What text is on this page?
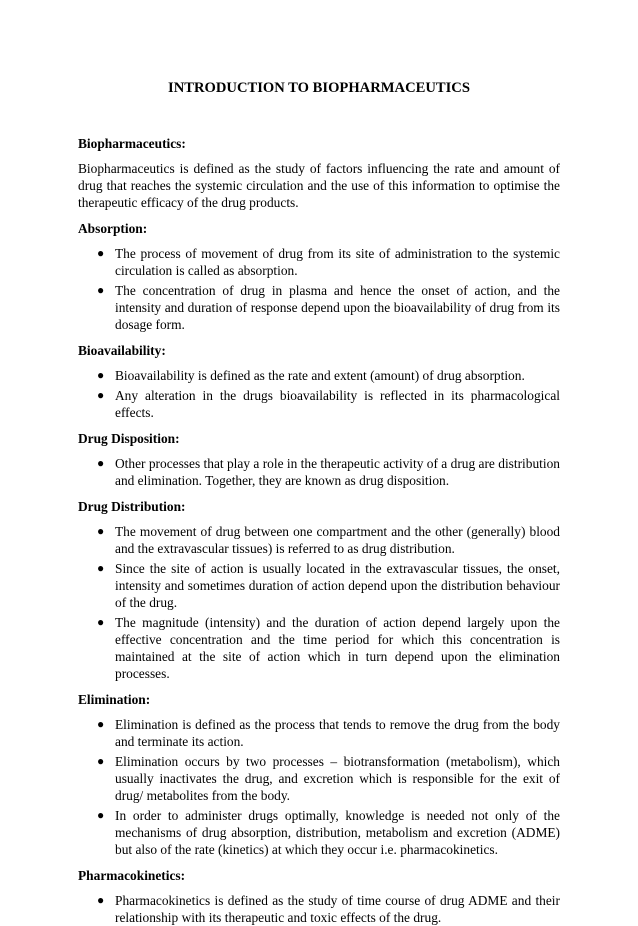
INTRODUCTION TO BIOPHARMACEUTICS

Biopharmaceutics:

Biopharmaceutics is defined as the study of factors influencing the rate and amount of drug that reaches the systemic circulation and the use of this information to optimise the therapeutic efficacy of the drug products.

Absorption:

● The process of movement of drug from its site of administration to the systemic circulation is called as absorption.
● The concentration of drug in plasma and hence the onset of action, and the intensity and duration of response depend upon the bioavailability of drug from its dosage form.

Bioavailability:

● Bioavailability is defined as the rate and extent (amount) of drug absorption.
● Any alteration in the drugs bioavailability is reflected in its pharmacological effects.

Drug Disposition:

● Other processes that play a role in the therapeutic activity of a drug are distribution and elimination. Together, they are known as drug disposition.

Drug Distribution:

● The movement of drug between one compartment and the other (generally) blood and the extravascular tissues) is referred to as drug distribution.
● Since the site of action is usually located in the extravascular tissues, the onset, intensity and sometimes duration of action depend upon the distribution behaviour of the drug.
● The magnitude (intensity) and the duration of action depend largely upon the effective concentration and the time period for which this concentration is maintained at the site of action which in turn depend upon the elimination processes.

Elimination:

● Elimination is defined as the process that tends to remove the drug from the body and terminate its action.
● Elimination occurs by two processes – biotransformation (metabolism), which usually inactivates the drug, and excretion which is responsible for the exit of drug/ metabolites from the body.
● In order to administer drugs optimally, knowledge is needed not only of the mechanisms of drug absorption, distribution, metabolism and excretion (ADME) but also of the rate (kinetics) at which they occur i.e. pharmacokinetics.

Pharmacokinetics:

● Pharmacokinetics is defined as the study of time course of drug ADME and their relationship with its therapeutic and toxic effects of the drug.
